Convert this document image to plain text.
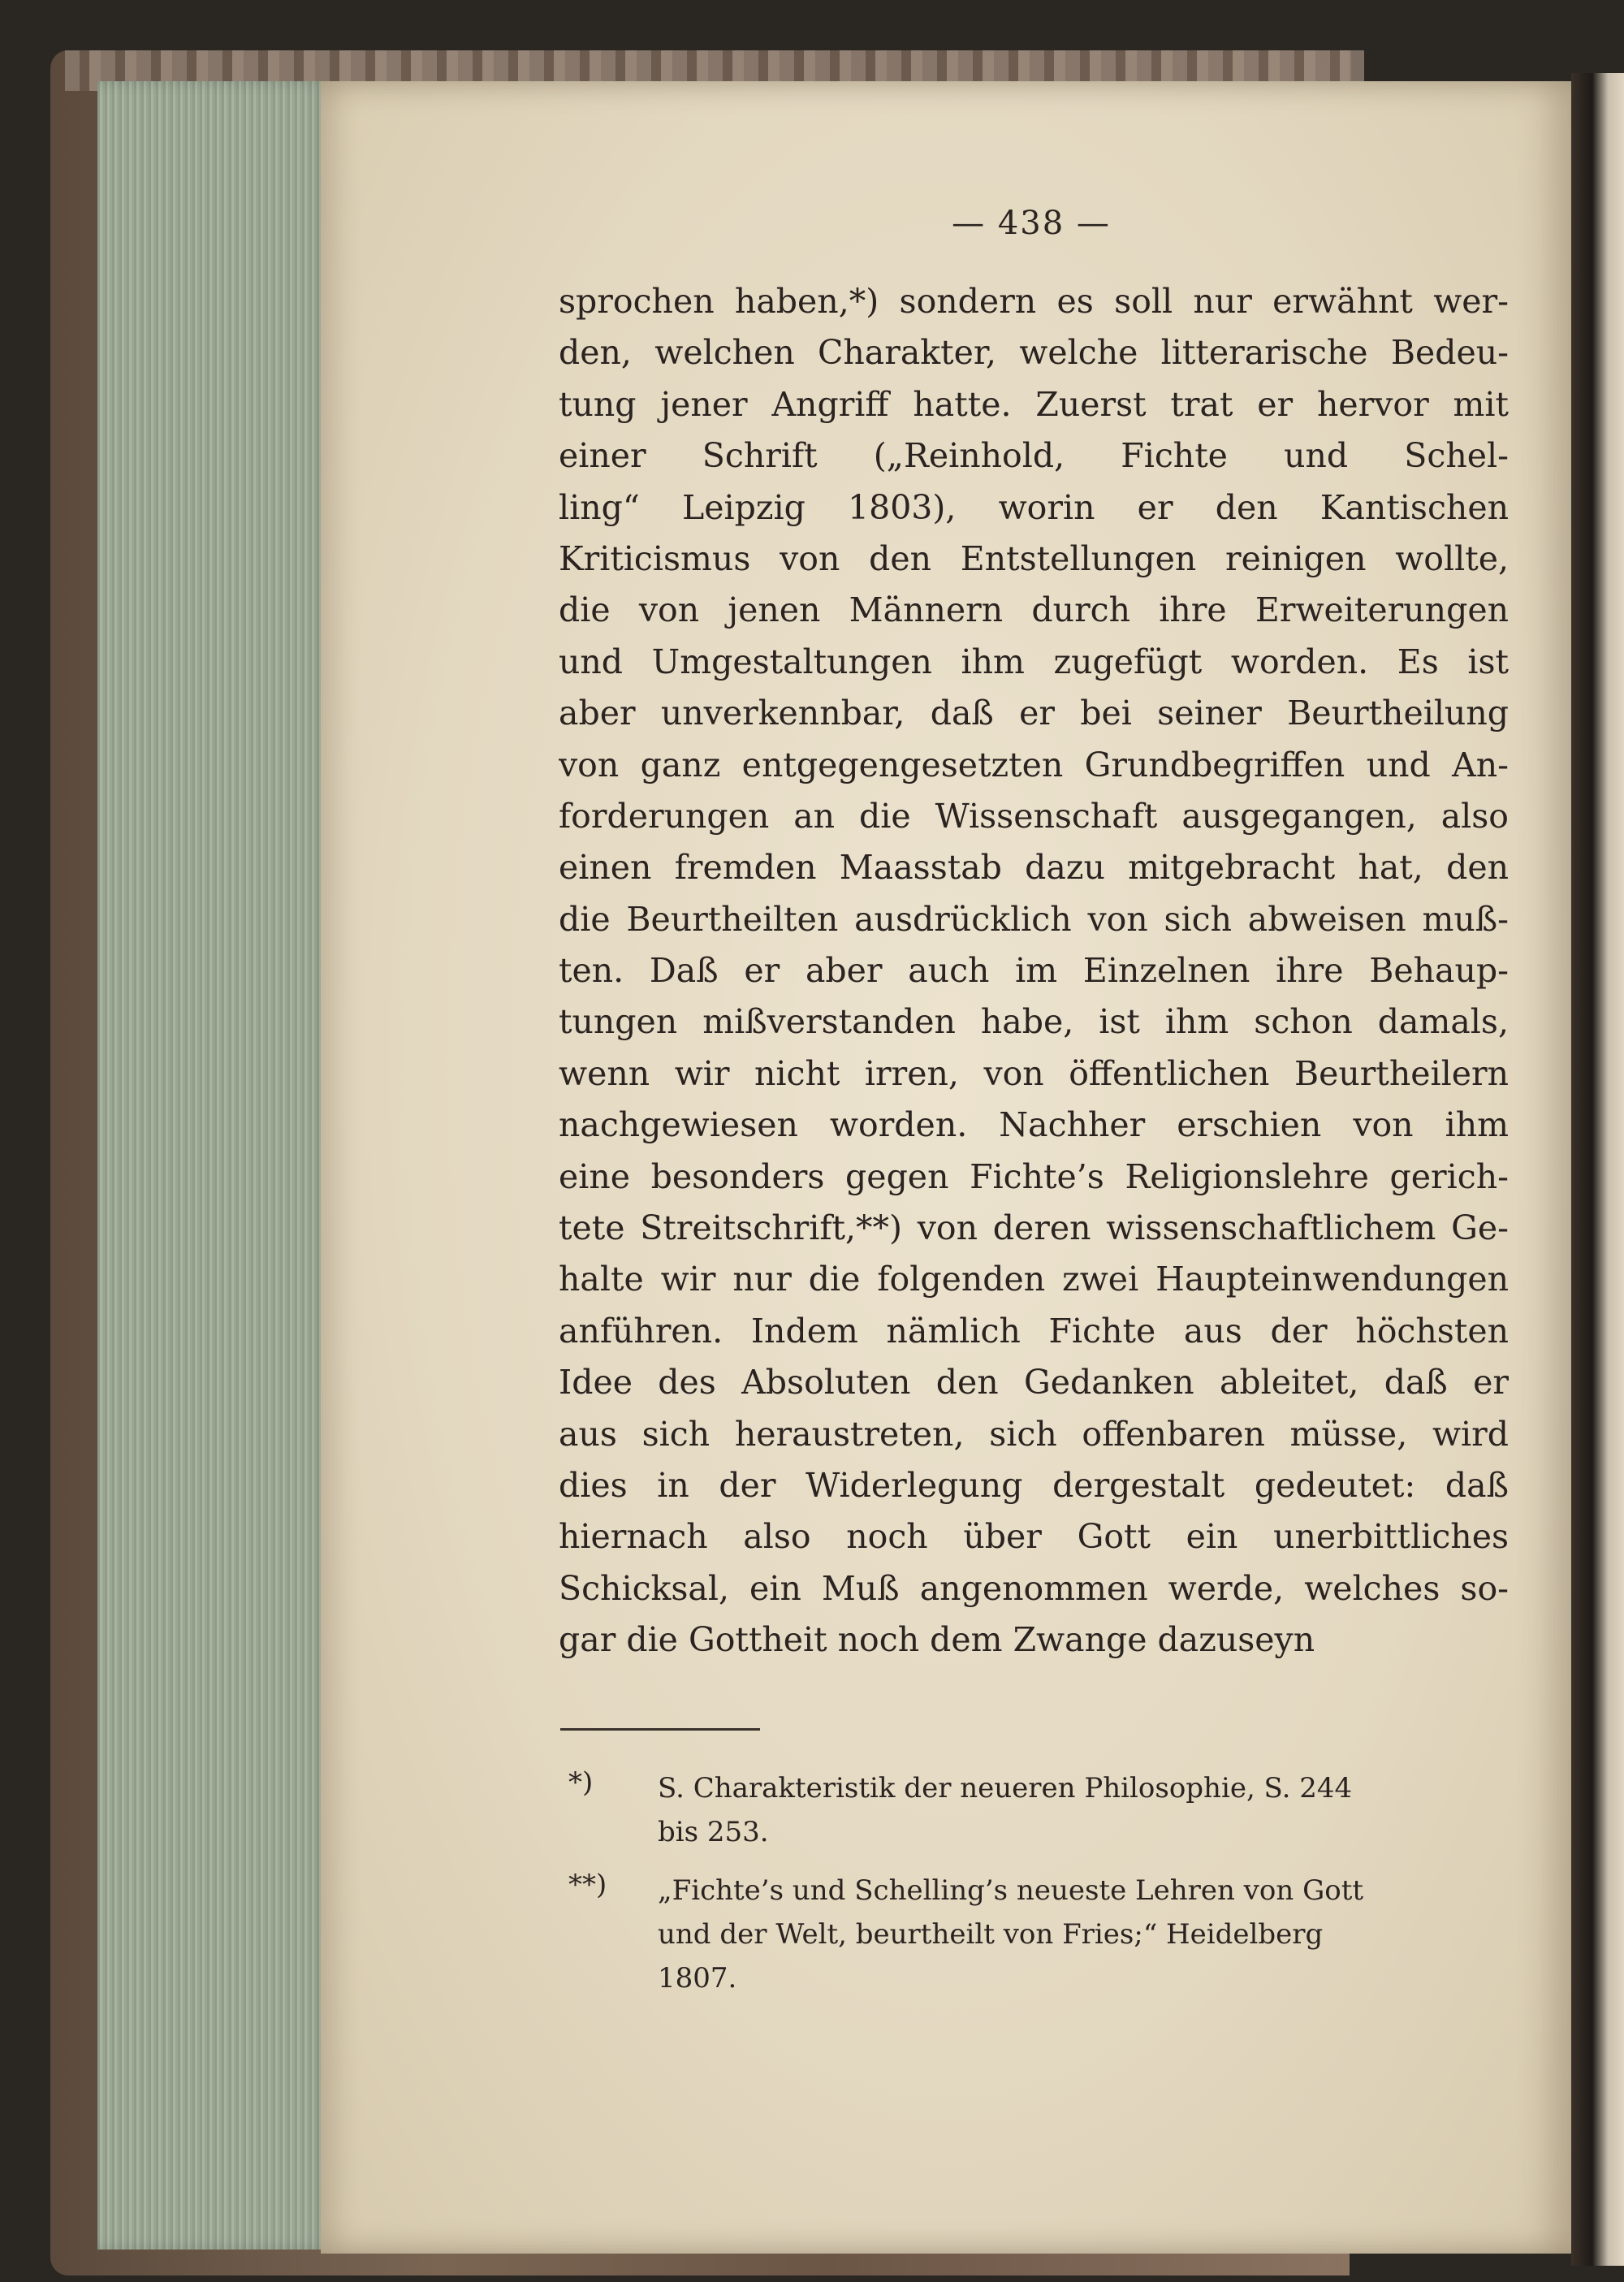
— 438 —
sprochen haben,*) sondern es soll nur erwähnt wer-
den, welchen Charakter, welche litterarische Bedeu-
tung jener Angriff hatte. Zuerst trat er hervor mit
einer Schrift („Reinhold, Fichte und Schel-
ling“ Leipzig 1803), worin er den Kantischen
Kriticismus von den Entstellungen reinigen wollte,
die von jenen Männern durch ihre Erweiterungen
und Umgestaltungen ihm zugefügt worden. Es ist
aber unverkennbar, daß er bei seiner Beurtheilung
von ganz entgegengesetzten Grundbegriffen und An-
forderungen an die Wissenschaft ausgegangen, also
einen fremden Maasstab dazu mitgebracht hat, den
die Beurtheilten ausdrücklich von sich abweisen muß-
ten. Daß er aber auch im Einzelnen ihre Behaup-
tungen mißverstanden habe, ist ihm schon damals,
wenn wir nicht irren, von öffentlichen Beurtheilern
nachgewiesen worden. Nachher erschien von ihm
eine besonders gegen Fichte’s Religionslehre gerich-
tete Streitschrift,**) von deren wissenschaftlichem Ge-
halte wir nur die folgenden zwei Haupteinwendungen
anführen. Indem nämlich Fichte aus der höchsten
Idee des Absoluten den Gedanken ableitet, daß er
aus sich heraustreten, sich offenbaren müsse, wird
dies in der Widerlegung dergestalt gedeutet: daß
hiernach also noch über Gott ein unerbittliches
Schicksal, ein Muß angenommen werde, welches so-
gar die Gottheit noch dem Zwange dazuseyn
*)	S. Charakteristik der neueren Philosophie, S. 244
bis 253.
**)	„Fichte’s und Schelling’s neueste Lehren von Gott
und der Welt, beurtheilt von Fries;“ Heidelberg
1807.
